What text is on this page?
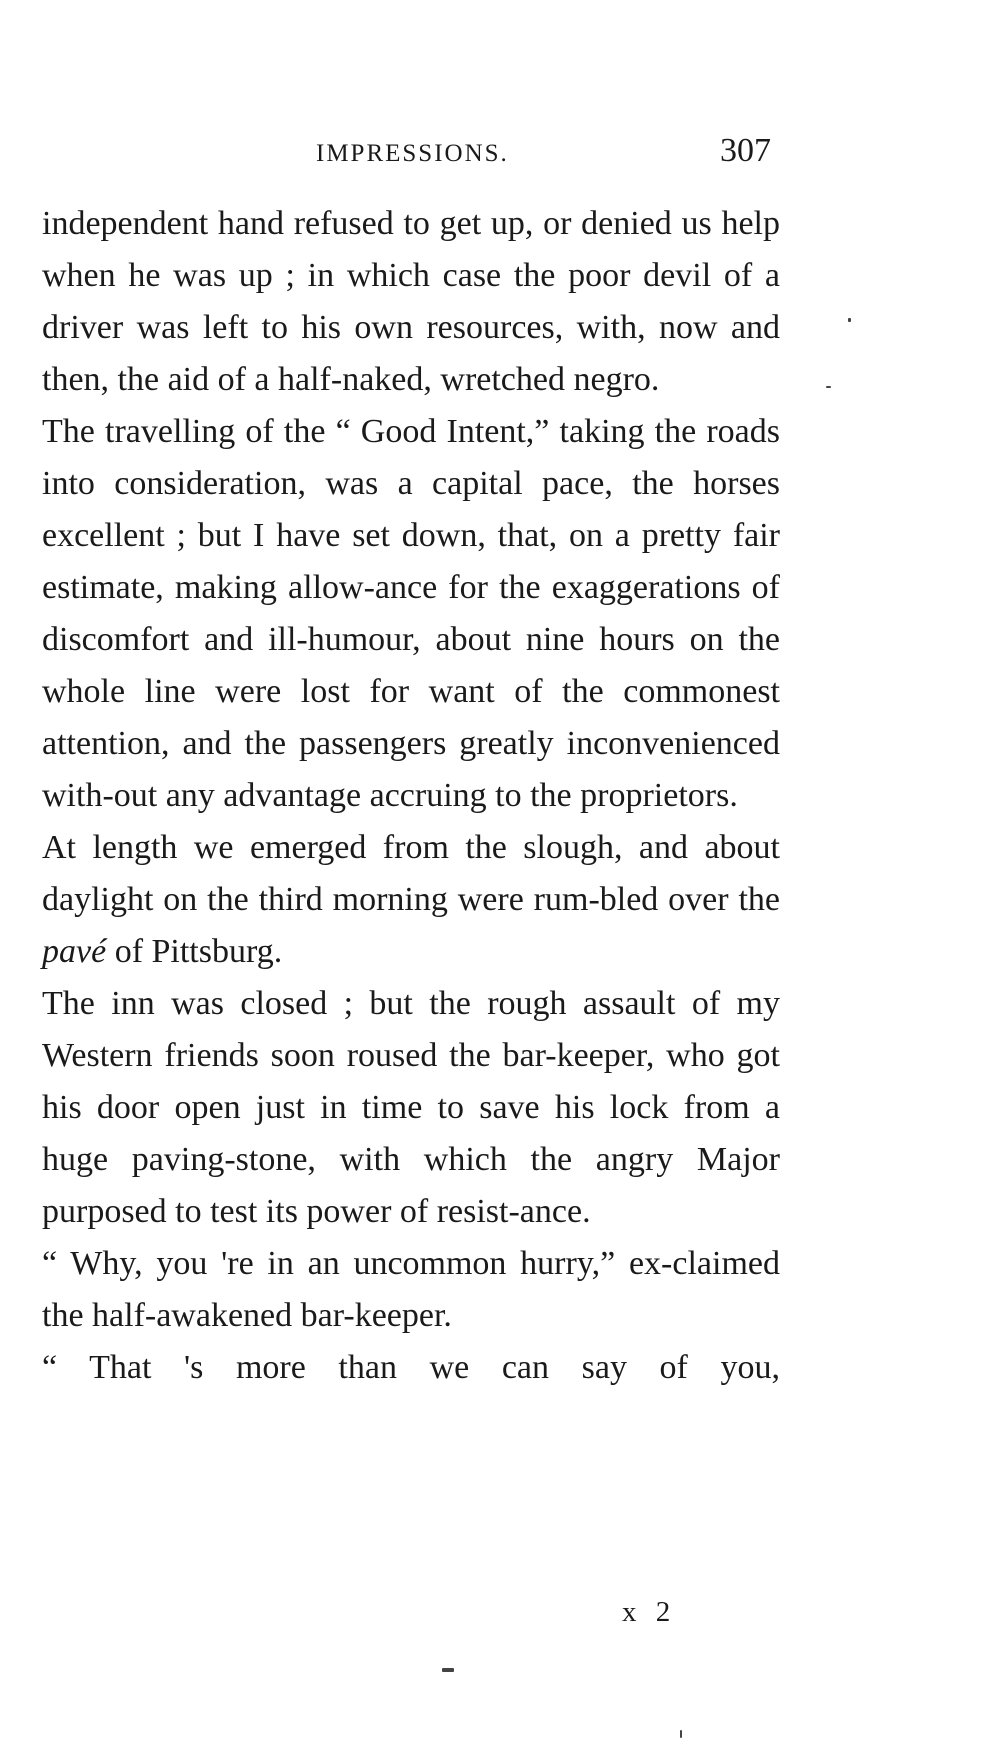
IMPRESSIONS.	307

independent hand refused to get up, or denied us help when he was up ; in which case the poor devil of a driver was left to his own resources, with, now and then, the aid of a half-naked, wretched negro.

The travelling of the “ Good Intent,” taking the roads into consideration, was a capital pace, the horses excellent ; but I have set down, that, on a pretty fair estimate, making allow-ance for the exaggerations of discomfort and ill-humour, about nine hours on the whole line were lost for want of the commonest attention, and the passengers greatly inconvenienced with-out any advantage accruing to the proprietors.

At length we emerged from the slough, and about daylight on the third morning were rum-bled over the pavé of Pittsburg.

The inn was closed ; but the rough assault of my Western friends soon roused the bar-keeper, who got his door open just in time to save his lock from a huge paving-stone, with which the angry Major purposed to test its power of resist-ance.

“ Why, you 're in an uncommon hurry,” ex-claimed the half-awakened bar-keeper.

“ That 's more than we can say of you,

x 2
